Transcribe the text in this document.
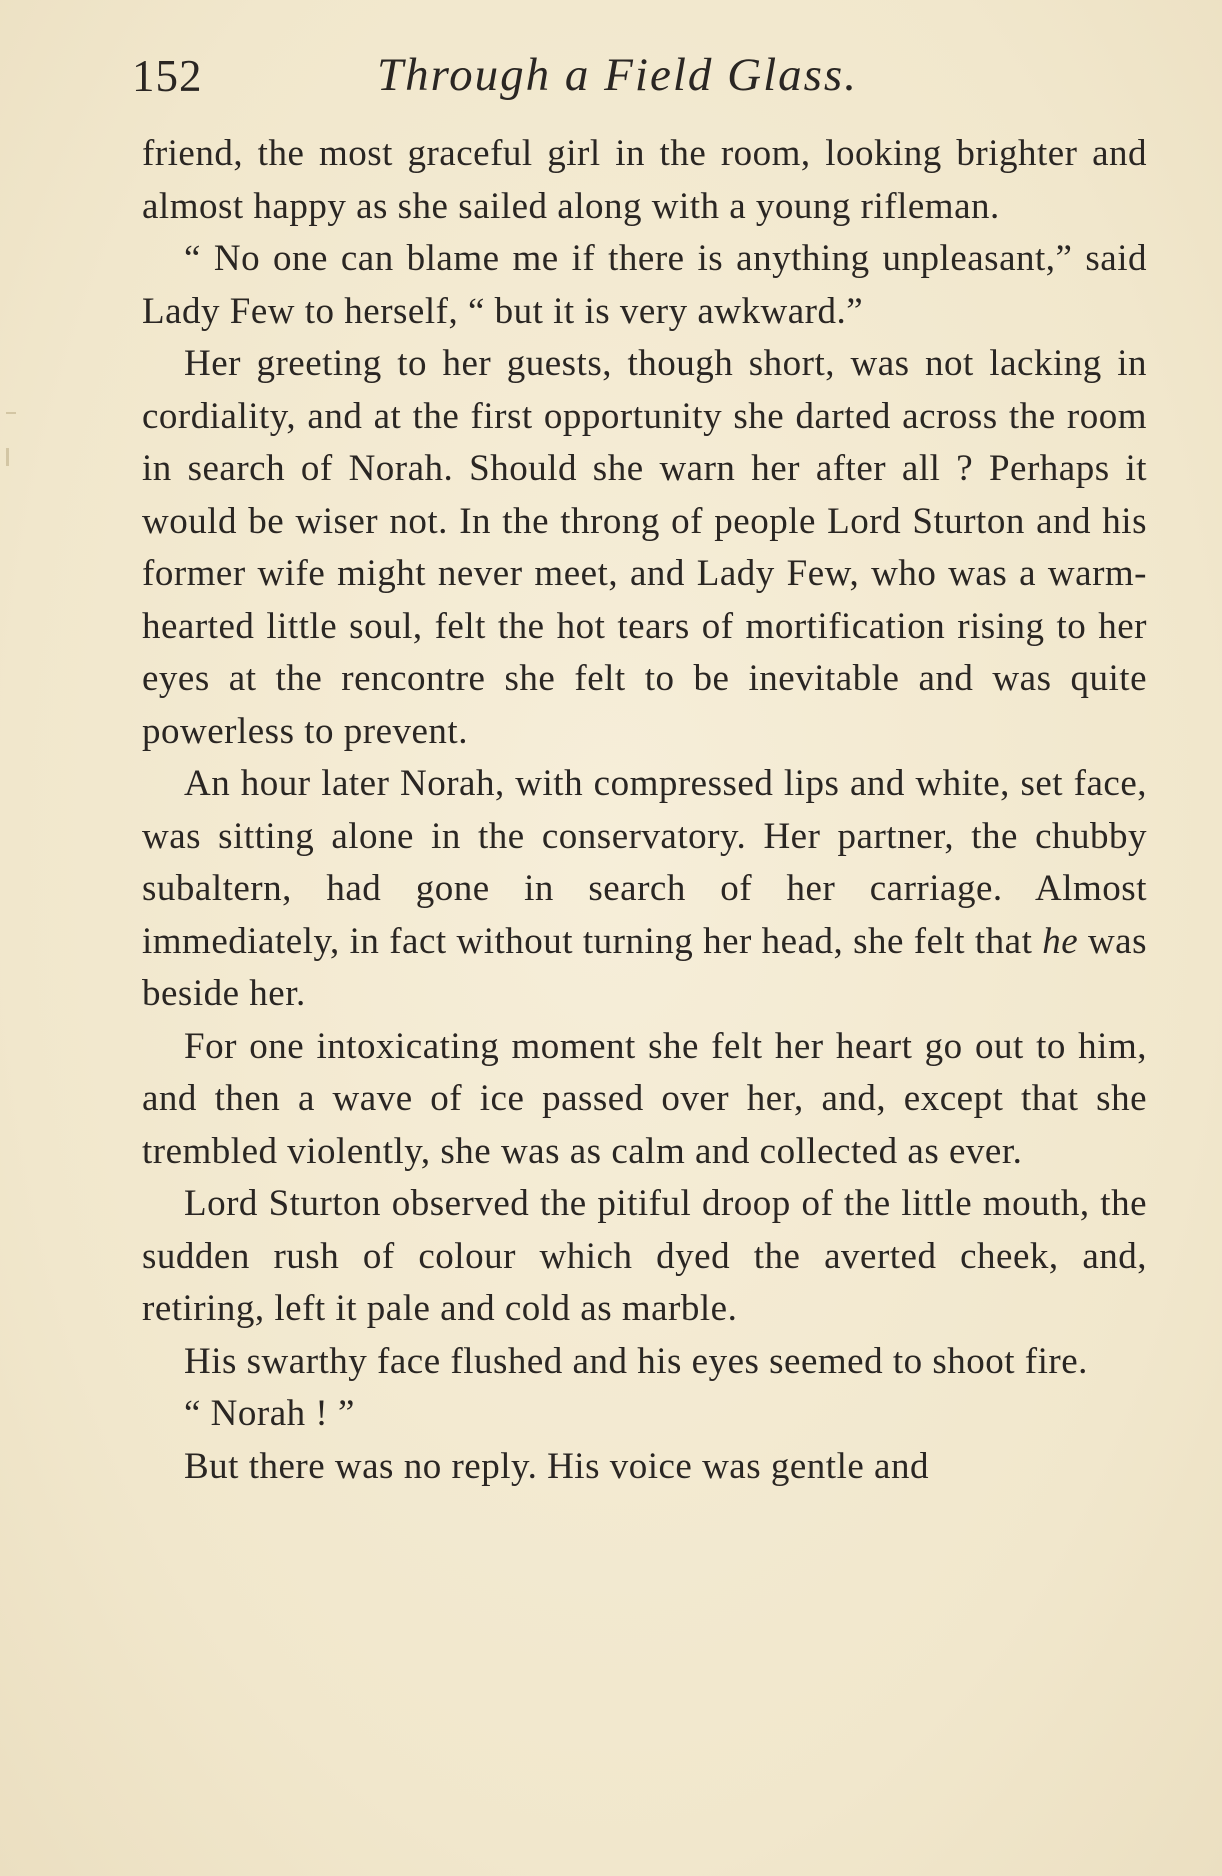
152	Through a Field Glass.

friend, the most graceful girl in the room, looking brighter and almost happy as she sailed along with a young rifleman.

“ No one can blame me if there is anything unpleasant,” said Lady Few to herself, “ but it is very awkward.”

Her greeting to her guests, though short, was not lacking in cordiality, and at the first opportunity she darted across the room in search of Norah. Should she warn her after all ? Perhaps it would be wiser not. In the throng of people Lord Sturton and his former wife might never meet, and Lady Few, who was a warm-hearted little soul, felt the hot tears of mortification rising to her eyes at the rencontre she felt to be inevitable and was quite powerless to prevent.

An hour later Norah, with compressed lips and white, set face, was sitting alone in the conservatory. Her partner, the chubby subaltern, had gone in search of her carriage. Almost immediately, in fact without turning her head, she felt that he was beside her.

For one intoxicating moment she felt her heart go out to him, and then a wave of ice passed over her, and, except that she trembled violently, she was as calm and collected as ever.

Lord Sturton observed the pitiful droop of the little mouth, the sudden rush of colour which dyed the averted cheek, and, retiring, left it pale and cold as marble.

His swarthy face flushed and his eyes seemed to shoot fire.

“ Norah ! ”

But there was no reply. His voice was gentle and
